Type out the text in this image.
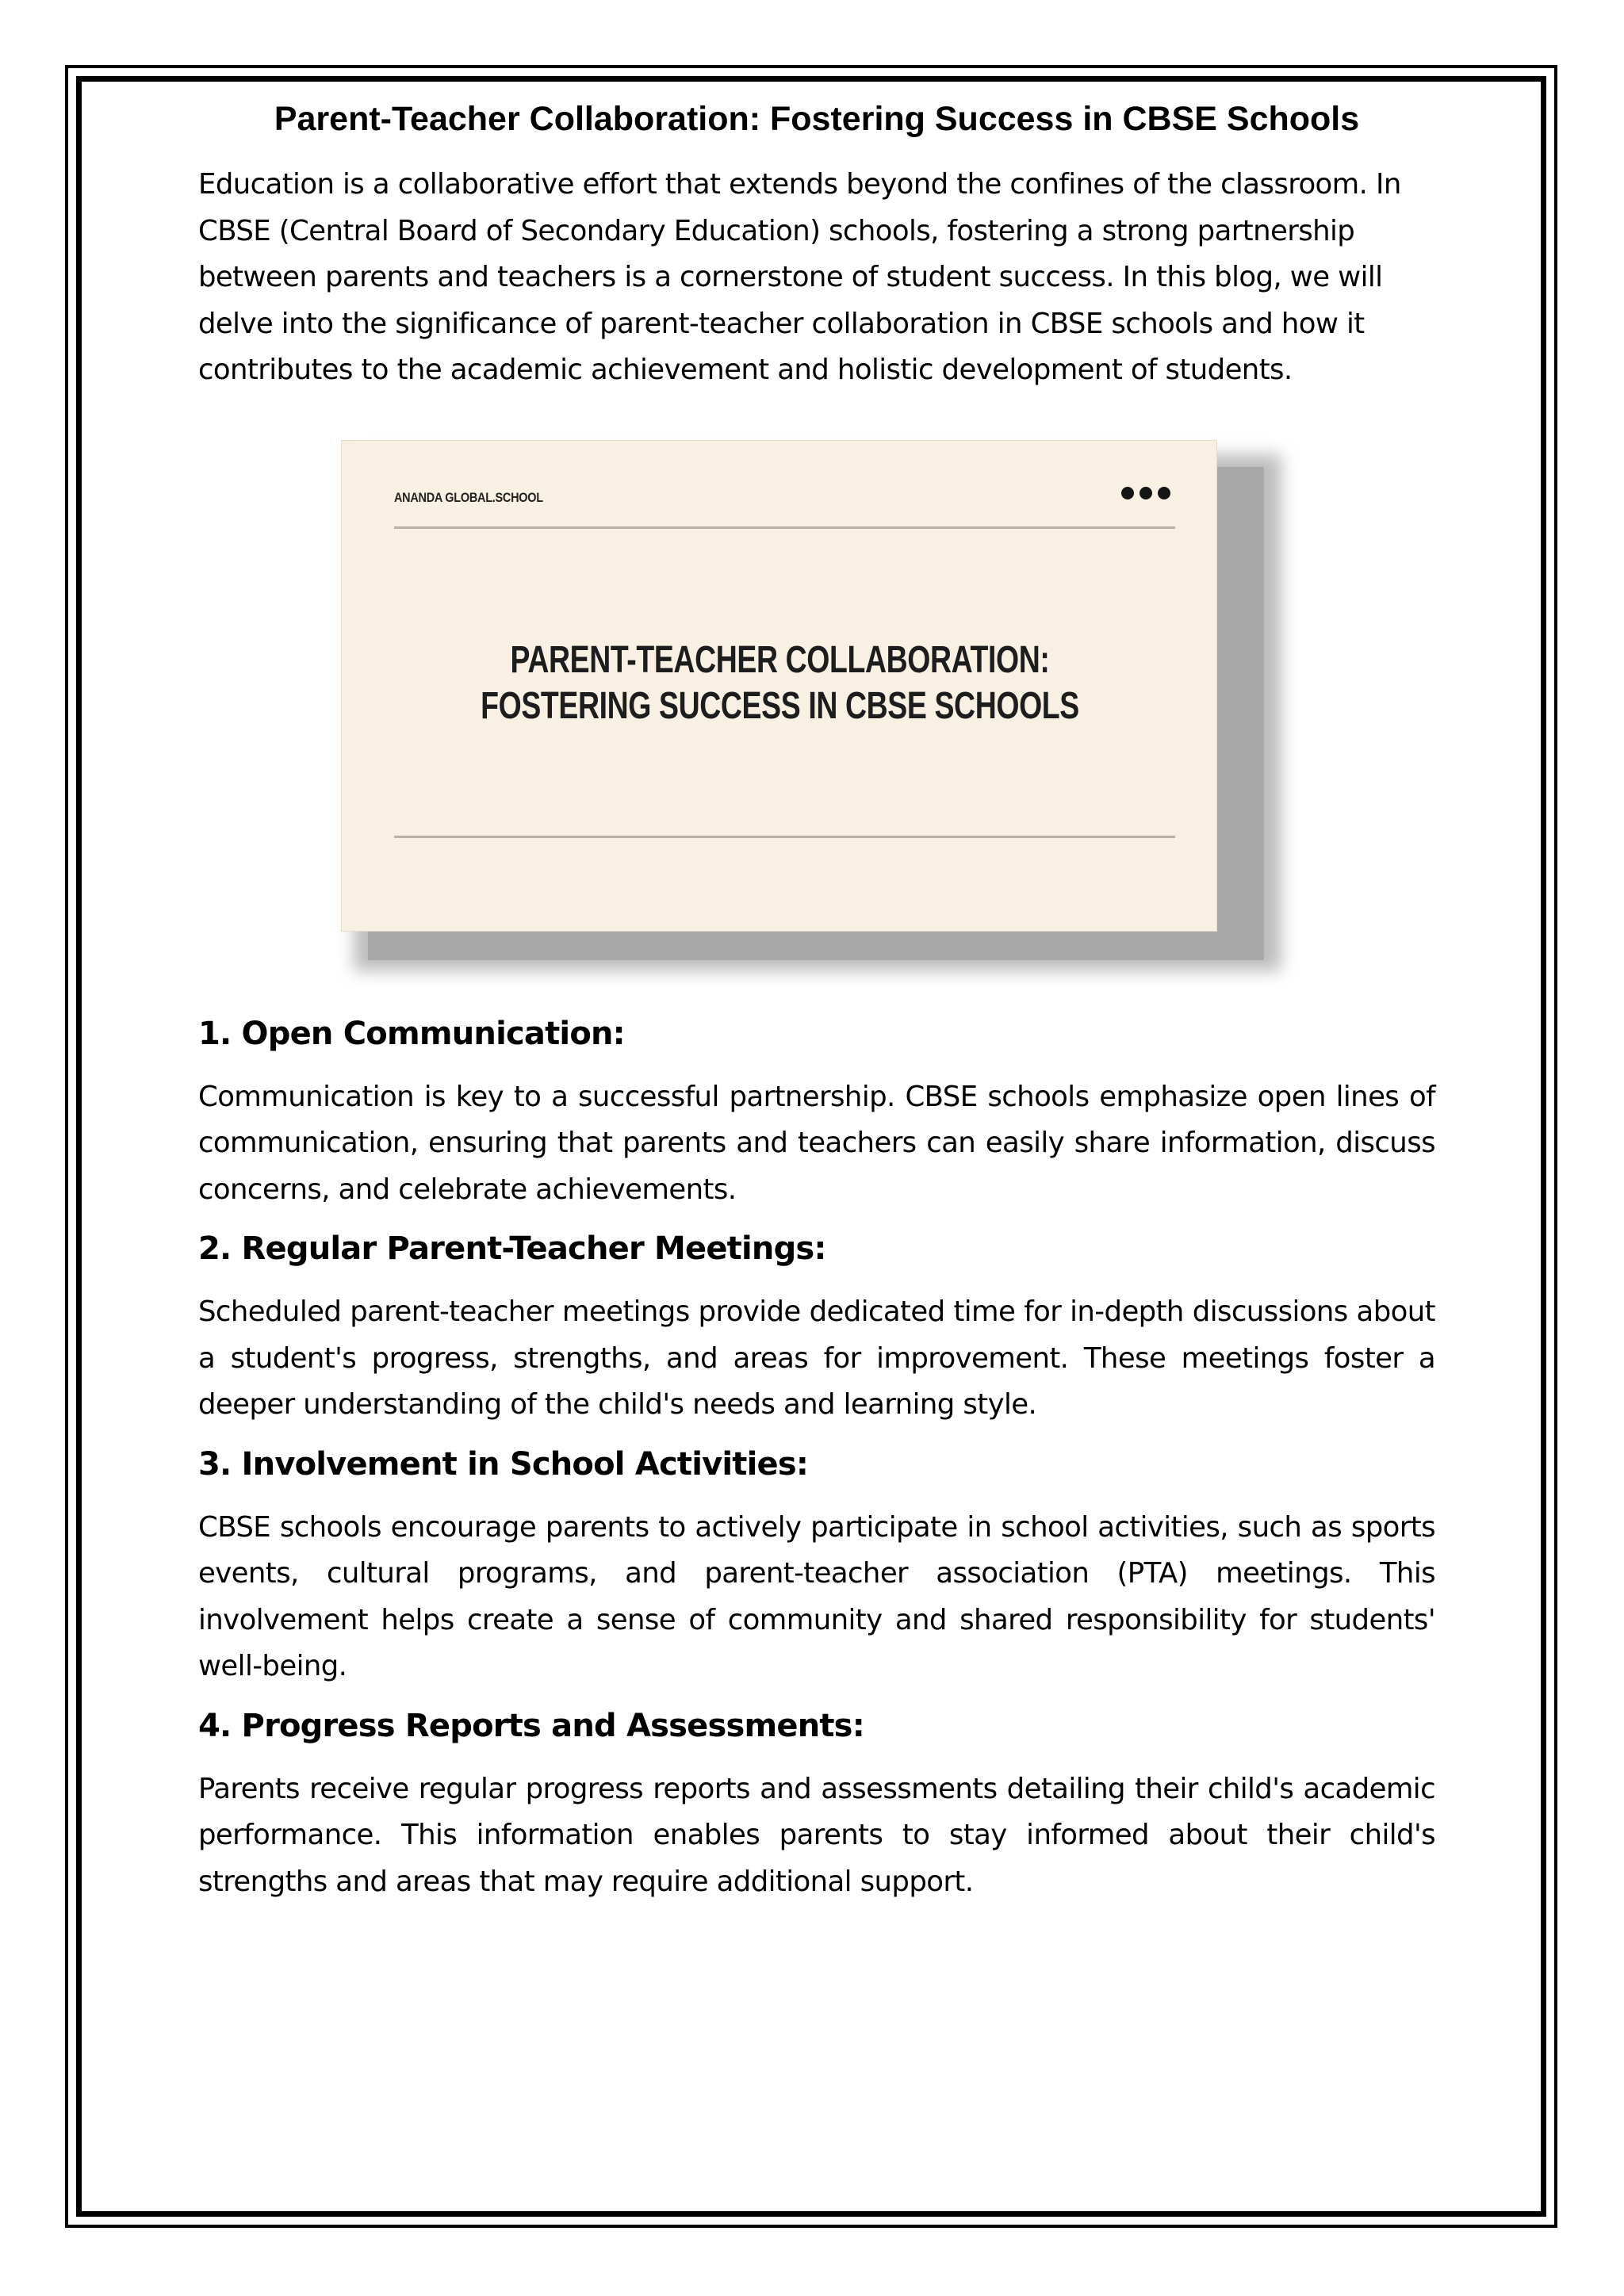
Parent-Teacher Collaboration: Fostering Success in CBSE Schools

Education is a collaborative effort that extends beyond the confines of the classroom. In CBSE (Central Board of Secondary Education) schools, fostering a strong partnership between parents and teachers is a cornerstone of student success. In this blog, we will delve into the significance of parent-teacher collaboration in CBSE schools and how it contributes to the academic achievement and holistic development of students.

ANANDA GLOBAL.SCHOOL
PARENT-TEACHER COLLABORATION: FOSTERING SUCCESS IN CBSE SCHOOLS
1. Open Communication:

Communication is key to a successful partnership. CBSE schools emphasize open lines of communication, ensuring that parents and teachers can easily share information, discuss concerns, and celebrate achievements.

2. Regular Parent-Teacher Meetings:

Scheduled parent-teacher meetings provide dedicated time for in-depth discussions about a student's progress, strengths, and areas for improvement. These meetings foster a deeper understanding of the child's needs and learning style.

3. Involvement in School Activities:

CBSE schools encourage parents to actively participate in school activities, such as sports events, cultural programs, and parent-teacher association (PTA) meetings. This involvement helps create a sense of community and shared responsibility for students' well-being.

4. Progress Reports and Assessments:

Parents receive regular progress reports and assessments detailing their child's academic performance. This information enables parents to stay informed about their child's strengths and areas that may require additional support.
